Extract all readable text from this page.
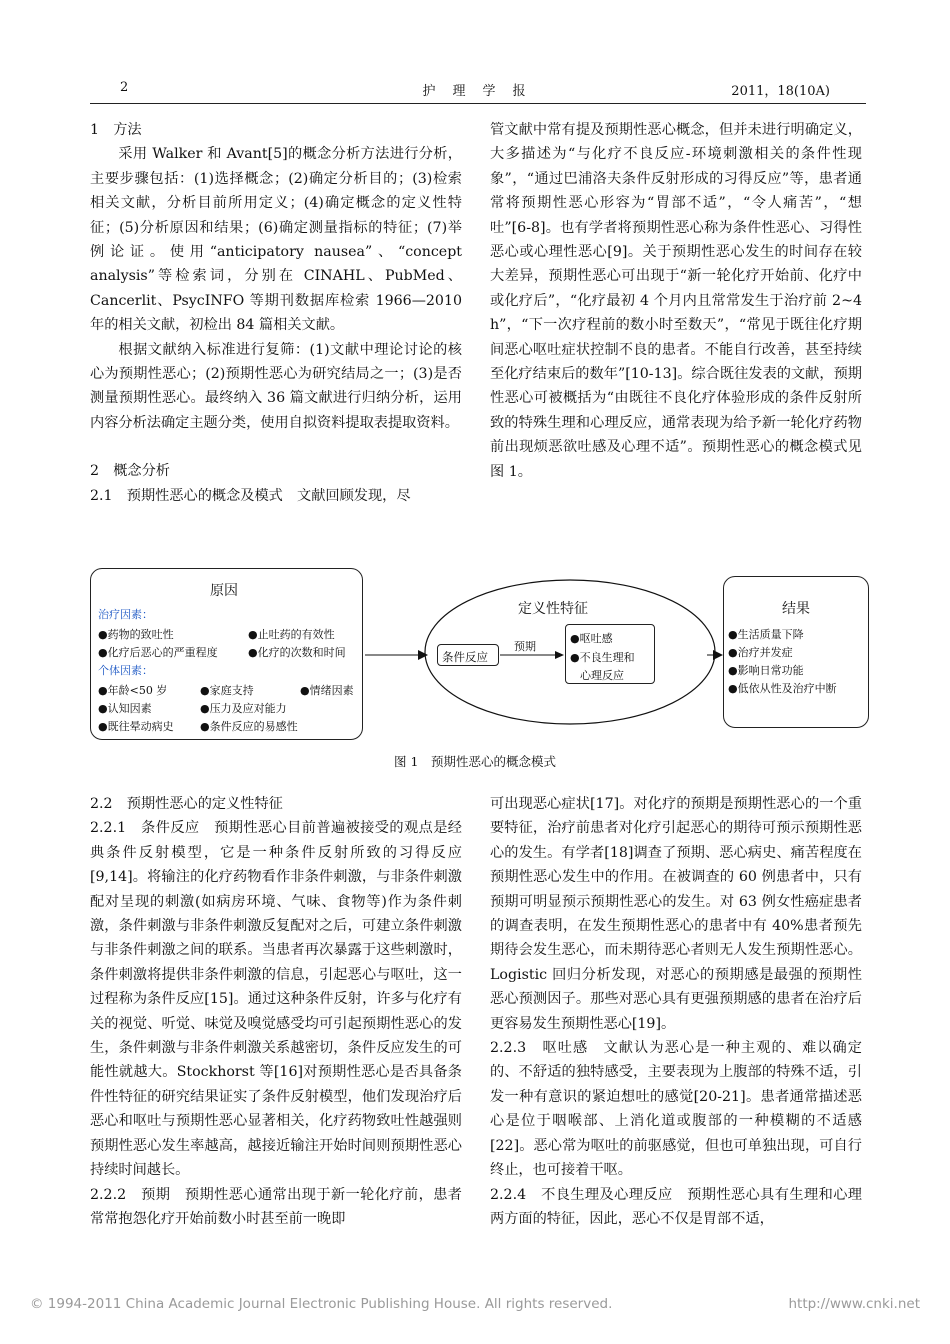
2	护　理　学　报	2011，18(10A)

1　方法

采用 Walker 和 Avant[5]的概念分析方法进行分析，主要步骤包括：(1)选择概念；(2)确定分析目的；(3)检索相关文献，分析目前所用定义；(4)确定概念的定义性特征；(5)分析原因和结果；(6)确定测量指标的特征；(7)举例论证。使用“anticipatory nausea”、“concept analysis”等检索词，分别在 CINAHL、PubMed、Cancerlit、PsycINFO 等期刊数据库检索 1966—2010 年的相关文献，初检出 84 篇相关文献。

根据文献纳入标准进行复筛：(1)文献中理论讨论的核心为预期性恶心；(2)预期性恶心为研究结局之一；(3)是否测量预期性恶心。最终纳入 36 篇文献进行归纳分析，运用内容分析法确定主题分类，使用自拟资料提取表提取资料。

2　概念分析

2.1　预期性恶心的概念及模式　文献回顾发现，尽

管文献中常有提及预期性恶心概念，但并未进行明确定义，大多描述为“与化疗不良反应-环境刺激相关的条件性现象”，“通过巴浦洛夫条件反射形成的习得反应”等，患者通常将预期性恶心形容为“胃部不适”，“令人痛苦”，“想吐”[6-8]。也有学者将预期性恶心称为条件性恶心、习得性恶心或心理性恶心[9]。关于预期性恶心发生的时间存在较大差异，预期性恶心可出现于“新一轮化疗开始前、化疗中或化疗后”，“化疗最初 4 个月内且常常发生于治疗前 2~4 h”，“下一次疗程前的数小时至数天”，“常见于既往化疗期间恶心呕吐症状控制不良的患者。不能自行改善，甚至持续至化疗结束后的数年”[10-13]。综合既往发表的文献，预期性恶心可被概括为“由既往不良化疗体验形成的条件反射所致的特殊生理和心理反应，通常表现为给予新一轮化疗药物前出现烦恶欲吐感及心理不适”。预期性恶心的概念模式见图 1。

原因
治疗因素：
●药物的致吐性	●止吐药的有效性
●化疗后恶心的严重程度	●化疗的次数和时间
个体因素：
●年龄<50 岁	●家庭支持	●情绪因素
●认知因素	●压力及应对能力
●既往晕动病史 ●条件反应的易感性
定义性特征
条件反应
预期
●呕吐感
●不良生理和
心理反应
结果
●生活质量下降
●治疗并发症
●影响日常功能
●低依从性及治疗中断
图 1　预期性恶心的概念模式

2.2　预期性恶心的定义性特征

2.2.1　条件反应　预期性恶心目前普遍被接受的观点是经典条件反射模型，它是一种条件反射所致的习得反应[9,14]。将输注的化疗药物看作非条件刺激，与非条件刺激配对呈现的刺激(如病房环境、气味、食物等)作为条件刺激，条件刺激与非条件刺激反复配对之后，可建立条件刺激与非条件刺激之间的联系。当患者再次暴露于这些刺激时，条件刺激将提供非条件刺激的信息，引起恶心与呕吐，这一过程称为条件反应[15]。通过这种条件反射，许多与化疗有关的视觉、听觉、味觉及嗅觉感受均可引起预期性恶心的发生，条件刺激与非条件刺激关系越密切，条件反应发生的可能性就越大。Stockhorst 等[16]对预期性恶心是否具备条件性特征的研究结果证实了条件反射模型，他们发现治疗后恶心和呕吐与预期性恶心显著相关，化疗药物致吐性越强则预期性恶心发生率越高，越接近输注开始时间则预期性恶心持续时间越长。

2.2.2　预期　预期性恶心通常出现于新一轮化疗前，患者常常抱怨化疗开始前数小时甚至前一晚即

可出现恶心症状[17]。对化疗的预期是预期性恶心的一个重要特征，治疗前患者对化疗引起恶心的期待可预示预期性恶心的发生。有学者[18]调查了预期、恶心病史、痛苦程度在预期性恶心发生中的作用。在被调查的 60 例患者中，只有预期可明显预示预期性恶心的发生。对 63 例女性癌症患者的调查表明，在发生预期性恶心的患者中有 40%患者预先期待会发生恶心，而未期待恶心者则无人发生预期性恶心。Logistic 回归分析发现，对恶心的预期感是最强的预期性恶心预测因子。那些对恶心具有更强预期感的患者在治疗后更容易发生预期性恶心[19]。

2.2.3　呕吐感　文献认为恶心是一种主观的、难以确定的、不舒适的独特感受，主要表现为上腹部的特殊不适，引发一种有意识的紧迫想吐的感觉[20-21]。患者通常描述恶心是位于咽喉部、上消化道或腹部的一种模糊的不适感[22]。恶心常为呕吐的前驱感觉，但也可单独出现，可自行终止，也可接着干呕。

2.2.4　不良生理及心理反应　预期性恶心具有生理和心理两方面的特征，因此，恶心不仅是胃部不适，

© 1994-2011 China Academic Journal Electronic Publishing House. All rights reserved.	http://www.cnki.net
